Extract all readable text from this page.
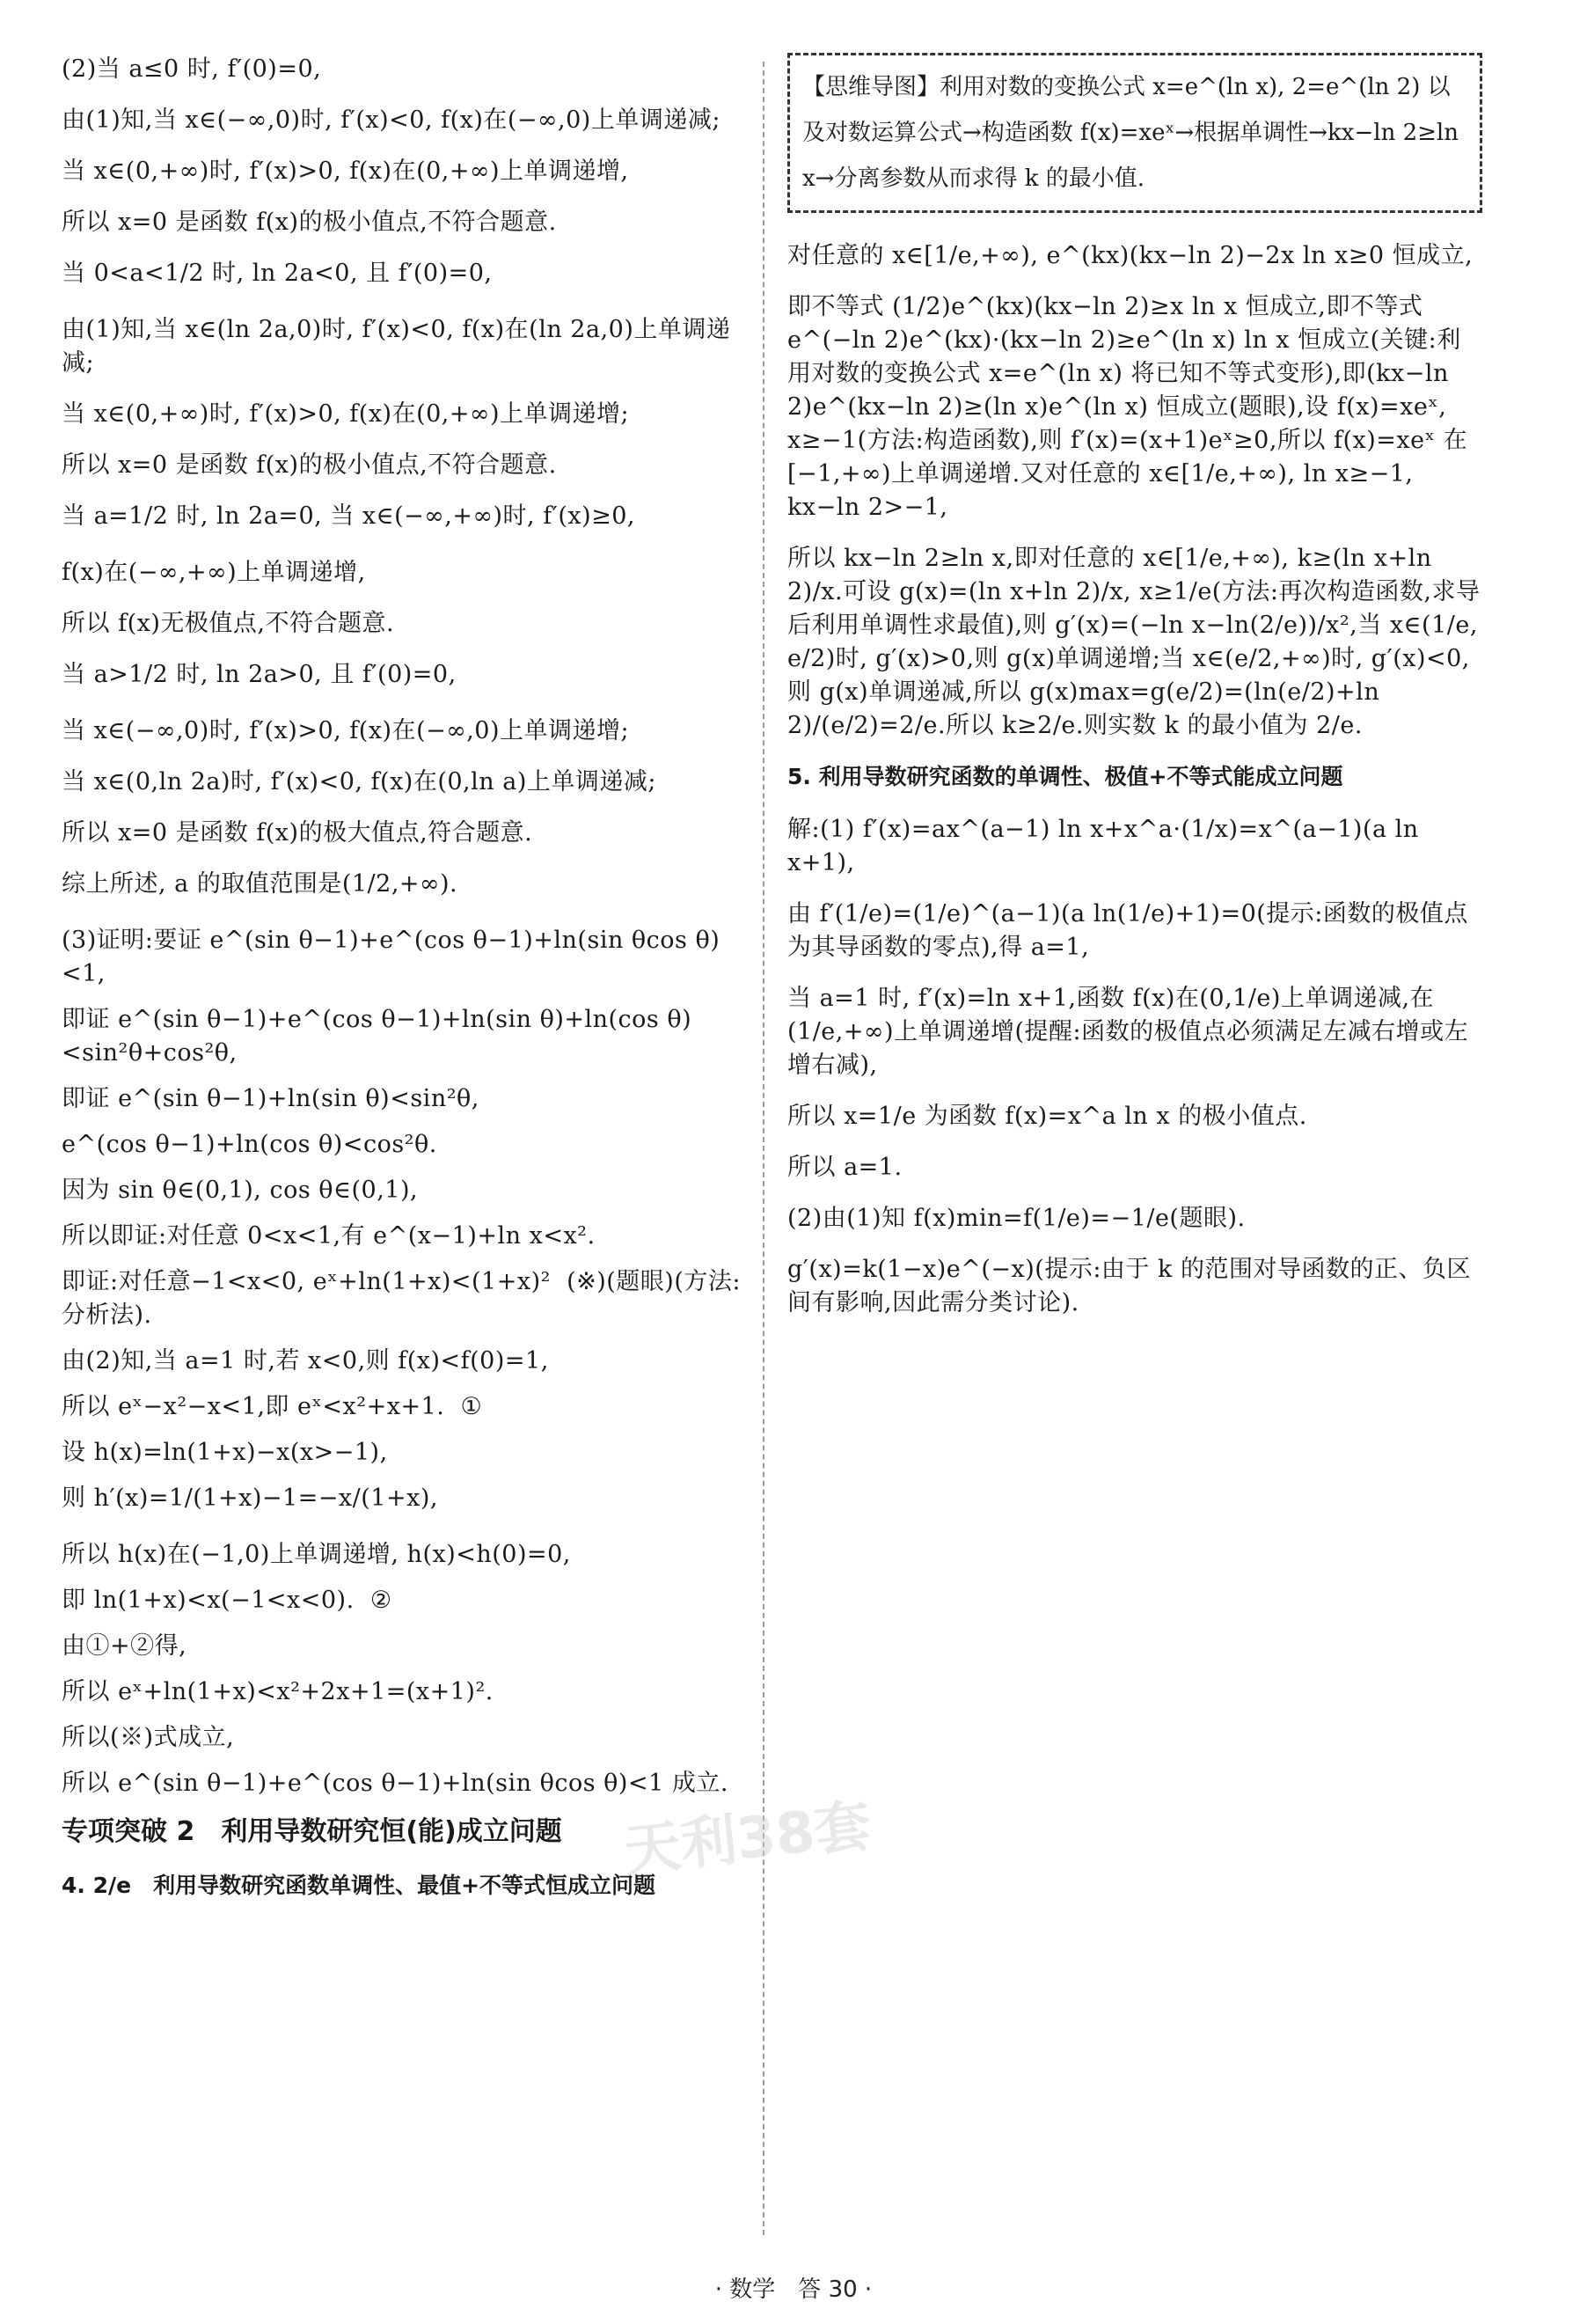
(2)当 a≤0 时, f′(0)=0,

由(1)知,当 x∈(−∞,0)时, f′(x)<0, f(x)在(−∞,0)上单调递减;

当 x∈(0,+∞)时, f′(x)>0, f(x)在(0,+∞)上单调递增,

所以 x=0 是函数 f(x)的极小值点,不符合题意.

当 0<a<1/2 时, ln 2a<0, 且 f′(0)=0,

由(1)知,当 x∈(ln 2a,0)时, f′(x)<0, f(x)在(ln 2a,0)上单调递减;

当 x∈(0,+∞)时, f′(x)>0, f(x)在(0,+∞)上单调递增;

所以 x=0 是函数 f(x)的极小值点,不符合题意.

当 a=1/2 时, ln 2a=0, 当 x∈(−∞,+∞)时, f′(x)≥0,

f(x)在(−∞,+∞)上单调递增,

所以 f(x)无极值点,不符合题意.

当 a>1/2 时, ln 2a>0, 且 f′(0)=0,

当 x∈(−∞,0)时, f′(x)>0, f(x)在(−∞,0)上单调递增;

当 x∈(0,ln 2a)时, f′(x)<0, f(x)在(0,ln a)上单调递减;

所以 x=0 是函数 f(x)的极大值点,符合题意.

综上所述, a 的取值范围是(1/2,+∞).

(3)证明:要证 e^(sin θ−1)+e^(cos θ−1)+ln(sin θcos θ)<1,

即证 e^(sin θ−1)+e^(cos θ−1)+ln(sin θ)+ln(cos θ)<sin²θ+cos²θ,

即证 e^(sin θ−1)+ln(sin θ)<sin²θ,

e^(cos θ−1)+ln(cos θ)<cos²θ.

因为 sin θ∈(0,1), cos θ∈(0,1),

所以即证:对任意 0<x<1,有 e^(x−1)+ln x<x².

即证:对任意−1<x<0, eˣ+ln(1+x)<(1+x)²  (※)(题眼)(方法:分析法).

由(2)知,当 a=1 时,若 x<0,则 f(x)<f(0)=1,

所以 eˣ−x²−x<1,即 eˣ<x²+x+1.  ①

设 h(x)=ln(1+x)−x(x>−1),

则 h′(x)=1/(1+x)−1=−x/(1+x),

所以 h(x)在(−1,0)上单调递增, h(x)<h(0)=0,

即 ln(1+x)<x(−1<x<0).  ②

由①+②得,

所以 eˣ+ln(1+x)<x²+2x+1=(x+1)².

所以(※)式成立,

所以 e^(sin θ−1)+e^(cos θ−1)+ln(sin θcos θ)<1 成立.

专项突破 2　利用导数研究恒(能)成立问题
4. 2/e　利用导数研究函数单调性、最值+不等式恒成立问题
【思维导图】利用对数的变换公式 x=e^(ln x), 2=e^(ln 2) 以及对数运算公式→构造函数 f(x)=xeˣ→根据单调性→kx−ln 2≥ln x→分离参数从而求得 k 的最小值.

对任意的 x∈[1/e,+∞), e^(kx)(kx−ln 2)−2x ln x≥0 恒成立,

即不等式 (1/2)e^(kx)(kx−ln 2)≥x ln x 恒成立,即不等式 e^(−ln 2)e^(kx)·(kx−ln 2)≥e^(ln x) ln x 恒成立(关键:利用对数的变换公式 x=e^(ln x) 将已知不等式变形),即(kx−ln 2)e^(kx−ln 2)≥(ln x)e^(ln x) 恒成立(题眼),设 f(x)=xeˣ, x≥−1(方法:构造函数),则 f′(x)=(x+1)eˣ≥0,所以 f(x)=xeˣ 在[−1,+∞)上单调递增.又对任意的 x∈[1/e,+∞), ln x≥−1, kx−ln 2>−1,

所以 kx−ln 2≥ln x,即对任意的 x∈[1/e,+∞), k≥(ln x+ln 2)/x.可设 g(x)=(ln x+ln 2)/x, x≥1/e(方法:再次构造函数,求导后利用单调性求最值),则 g′(x)=(−ln x−ln(2/e))/x²,当 x∈(1/e, e/2)时, g′(x)>0,则 g(x)单调递增;当 x∈(e/2,+∞)时, g′(x)<0,则 g(x)单调递减,所以 g(x)max=g(e/2)=(ln(e/2)+ln 2)/(e/2)=2/e.所以 k≥2/e.则实数 k 的最小值为 2/e.

5. 利用导数研究函数的单调性、极值+不等式能成立问题

解:(1) f′(x)=ax^(a−1) ln x+x^a·(1/x)=x^(a−1)(a ln x+1),

由 f′(1/e)=(1/e)^(a−1)(a ln(1/e)+1)=0(提示:函数的极值点为其导函数的零点),得 a=1,

当 a=1 时, f′(x)=ln x+1,函数 f(x)在(0,1/e)上单调递减,在(1/e,+∞)上单调递增(提醒:函数的极值点必须满足左减右增或左增右减),

所以 x=1/e 为函数 f(x)=x^a ln x 的极小值点.

所以 a=1.

(2)由(1)知 f(x)min=f(1/e)=−1/e(题眼).

g′(x)=k(1−x)e^(−x)(提示:由于 k 的范围对导函数的正、负区间有影响,因此需分类讨论).

天利38套
· 数学　答 30 ·
